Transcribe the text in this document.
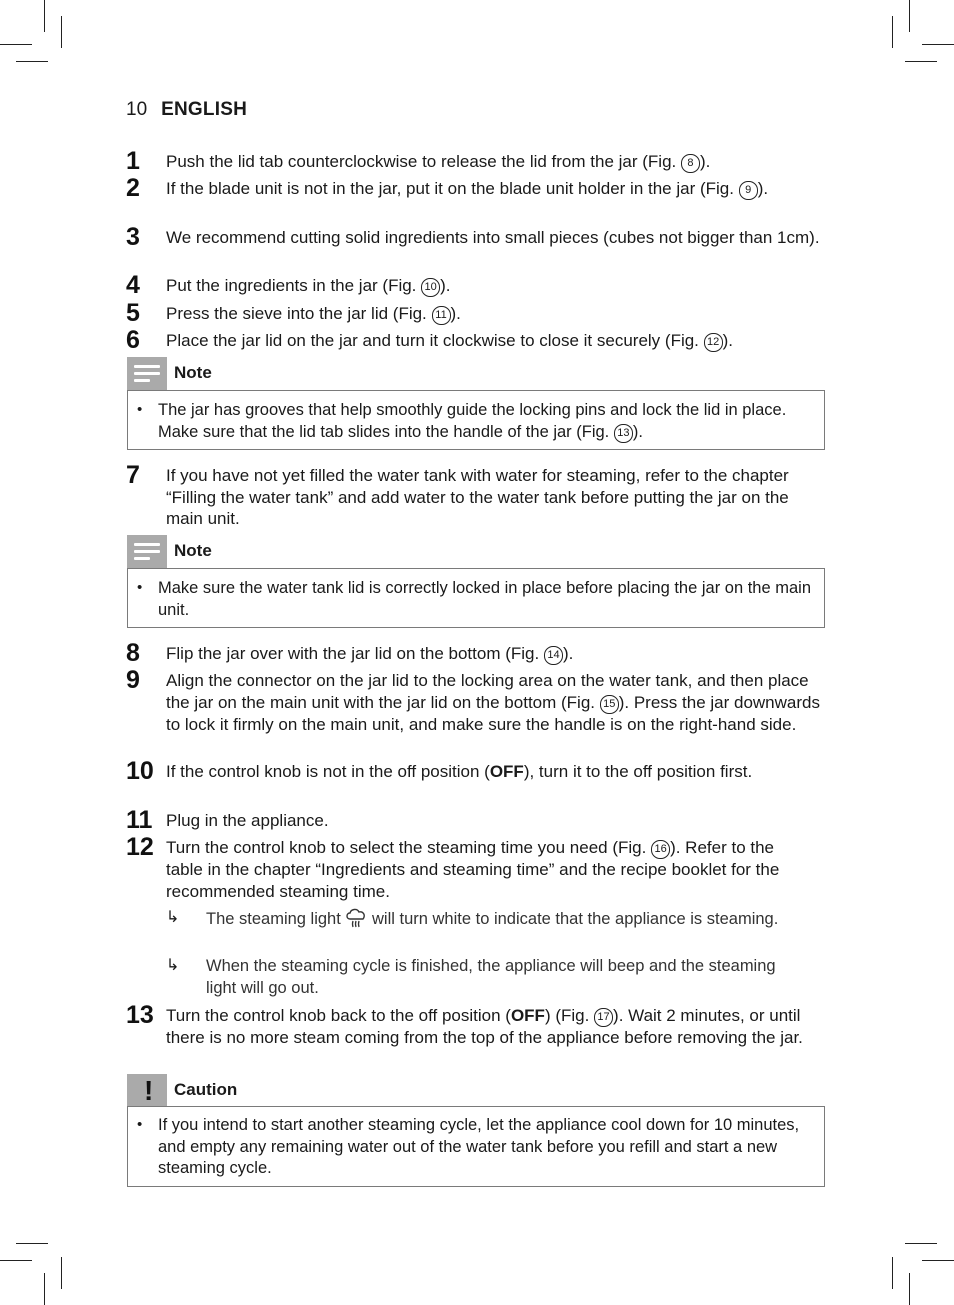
10 ENGLISH
1	Push the lid tab counterclockwise to release the lid from the jar (Fig. 8 ).
2	If the blade unit is not in the jar, put it on the blade unit holder in the jar (Fig. 9 ).
3	We recommend cutting solid ingredients into small pieces (cubes not bigger than 1cm).
4	Put the ingredients in the jar (Fig. 10 ).
5	Press the sieve into the jar lid (Fig. 11 ).
6	Place the jar lid on the jar and turn it clockwise to close it securely (Fig. 12 ).
Note
• The jar has grooves that help smoothly guide the locking pins and lock the lid in place. Make sure that the lid tab slides into the handle of the jar (Fig. 13 ).
7	If you have not yet filled the water tank with water for steaming, refer to the chapter “Filling the water tank” and add water to the water tank before putting the jar on the main unit.
Note
• Make sure the water tank lid is correctly locked in place before placing the jar on the main unit.
8	Flip the jar over with the jar lid on the bottom (Fig. 14 ).
9	Align the connector on the jar lid to the locking area on the water tank, and then place the jar on the main unit with the jar lid on the bottom (Fig. 15 ). Press the jar downwards to lock it firmly on the main unit, and make sure the handle is on the right-hand side.
10 If the control knob is not in the off position (OFF), turn it to the off position first.
11 Plug in the appliance.
12 Turn the control knob to select the steaming time you need (Fig. 16 ). Refer to the table in the chapter “Ingredients and steaming time” and the recipe booklet for the recommended steaming time.
↳ The steaming light  will turn white to indicate that the appliance is steaming.
↳ When the steaming cycle is finished, the appliance will beep and the steaming light will go out.
13 Turn the control knob back to the off position (OFF) (Fig. 17 ). Wait 2 minutes, or until there is no more steam coming from the top of the appliance before removing the jar.
! Caution
• If you intend to start another steaming cycle, let the appliance cool down for 10 minutes, and empty any remaining water out of the water tank before you refill and start a new steaming cycle.
